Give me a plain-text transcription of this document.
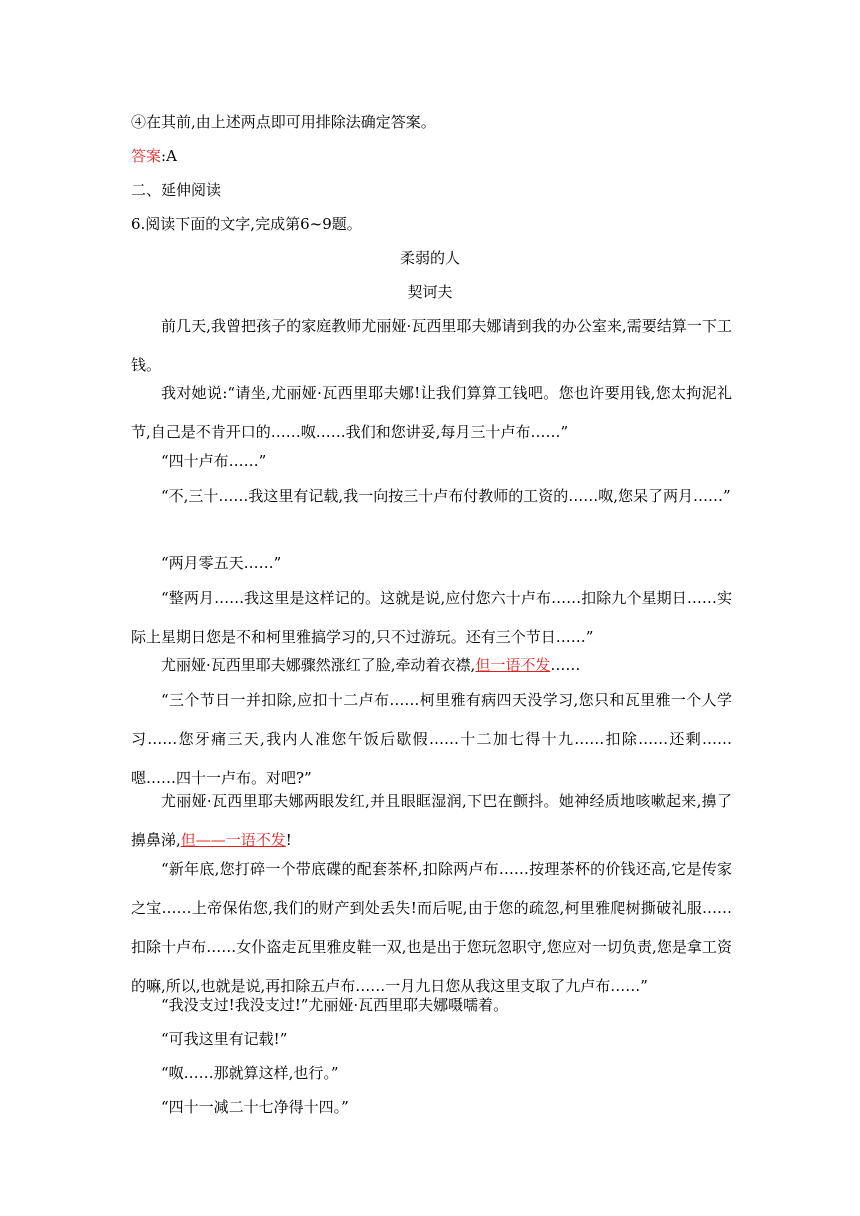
④在其前,由上述两点即可用排除法确定答案。
答案:A
二、延伸阅读
6.阅读下面的文字,完成第6~9题。
柔弱的人
契诃夫

前几天,我曾把孩子的家庭教师尤丽娅·瓦西里耶夫娜请到我的办公室来,需要结算一下工钱。

我对她说:“请坐,尤丽娅·瓦西里耶夫娜!让我们算算工钱吧。您也许要用钱,您太拘泥礼节,自己是不肯开口的……呶……我们和您讲妥,每月三十卢布……”

“四十卢布……”

“不,三十……我这里有记载,我一向按三十卢布付教师的工资的……呶,您呆了两月……”

“两月零五天……”

“整两月……我这里是这样记的。这就是说,应付您六十卢布……扣除九个星期日……实际上星期日您是不和柯里雅搞学习的,只不过游玩。还有三个节日……”

尤丽娅·瓦西里耶夫娜骤然涨红了脸,牵动着衣襟,但一语不发……

“三个节日一并扣除,应扣十二卢布……柯里雅有病四天没学习,您只和瓦里雅一个人学习……您牙痛三天,我内人准您午饭后歇假……十二加七得十九……扣除……还剩……嗯……四十一卢布。对吧?”

尤丽娅·瓦西里耶夫娜两眼发红,并且眼眶湿润,下巴在颤抖。她神经质地咳嗽起来,擤了擤鼻涕,但——一语不发!

“新年底,您打碎一个带底碟的配套茶杯,扣除两卢布……按理茶杯的价钱还高,它是传家之宝……上帝保佑您,我们的财产到处丢失!而后呢,由于您的疏忽,柯里雅爬树撕破礼服……扣除十卢布……女仆盗走瓦里雅皮鞋一双,也是出于您玩忽职守,您应对一切负责,您是拿工资的嘛,所以,也就是说,再扣除五卢布……一月九日您从我这里支取了九卢布……”

“我没支过!我没支过!”尤丽娅·瓦西里耶夫娜嗫嚅着。

“可我这里有记载!”

“呶……那就算这样,也行。”

“四十一减二十七净得十四。”
